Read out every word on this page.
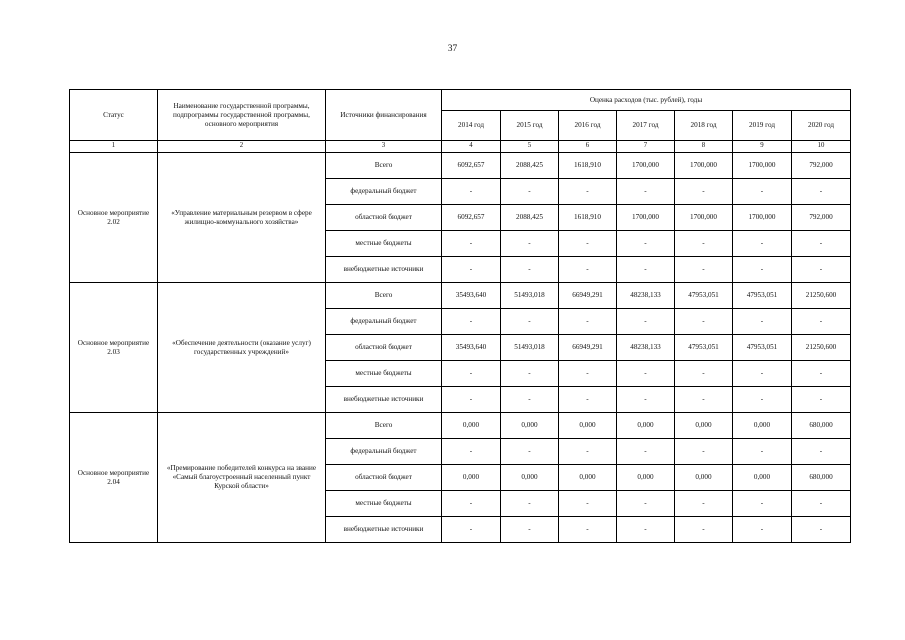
37
Статус	Наименование государственной программы, подпрограммы государственной программы, основного мероприятия	Источники финансирования	Оценка расходов (тыс. рублей), годы						
			2014 год	2015 год	2016 год	2017 год	2018 год	2019 год	2020 год
1	2	3	4	5	6	7	8	9	10
Основное мероприятие 2.02	«Управление материальным резервом в сфере жилищно-коммунального хозяйства»	Всего	6092,657	2088,425	1618,910	1700,000	1700,000	1700,000	792,000
		федеральный бюджет	-	-	-	-	-	-	-
		областной бюджет	6092,657	2088,425	1618,910	1700,000	1700,000	1700,000	792,000
		местные бюджеты	-	-	-	-	-	-	-
		внебюджетные источники	-	-	-	-	-	-	-
Основное мероприятие 2.03	«Обеспечение деятельности (оказание услуг) государственных учреждений»	Всего	35493,640	51493,018	66949,291	48238,133	47953,051	47953,051	21250,600
		федеральный бюджет	-	-	-	-	-	-	-
		областной бюджет	35493,640	51493,018	66949,291	48238,133	47953,051	47953,051	21250,600
		местные бюджеты	-	-	-	-	-	-	-
		внебюджетные источники	-	-	-	-	-	-	-
Основное мероприятие 2.04	«Премирование победителей конкурса на звание «Самый благоустроенный населенный пункт Курской области»	Всего	0,000	0,000	0,000	0,000	0,000	0,000	680,000
		федеральный бюджет	-	-	-	-	-	-	-
		областной бюджет	0,000	0,000	0,000	0,000	0,000	0,000	680,000
		местные бюджеты	-	-	-	-	-	-	-
		внебюджетные источники	-	-	-	-	-	-	-
